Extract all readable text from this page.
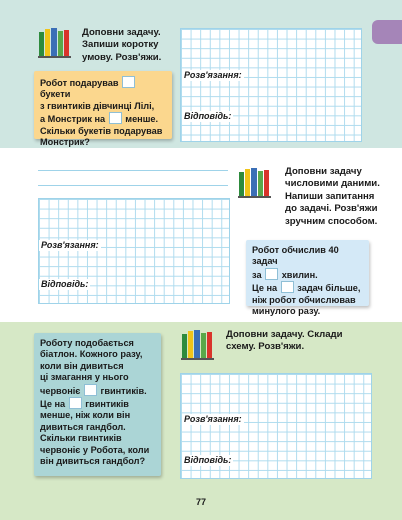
Доповни задачу.
Запиши коротку
умову. Розв'яжи.
Робот подарував  букети
з гвинтиків дівчинці Лілі,
а Монстрик на менше.
Скільки букетів подарував
Монстрик?
Розв'язання:
Відповідь:
Доповни задачу
числовими даними.
Напиши запитання
до задачі. Розв'яжи
зручним способом.
Розв'язання:
Відповідь:
Робот обчислив 40 задач
за хвилин.
Це на задач більше,
ніж робот обчислював
минулого разу.
Роботу подобається
біатлон. Кожного разу,
коли він дивиться
ці змагання у нього
червоніє гвинтиків.
Це на гвинтиків
менше, ніж коли він
дивиться гандбол.
Скільки гвинтиків
червоніє у Робота, коли
він дивиться гандбол?
Доповни задачу. Склади
схему. Розв'яжи.
Розв'язання:
Відповідь:
77
